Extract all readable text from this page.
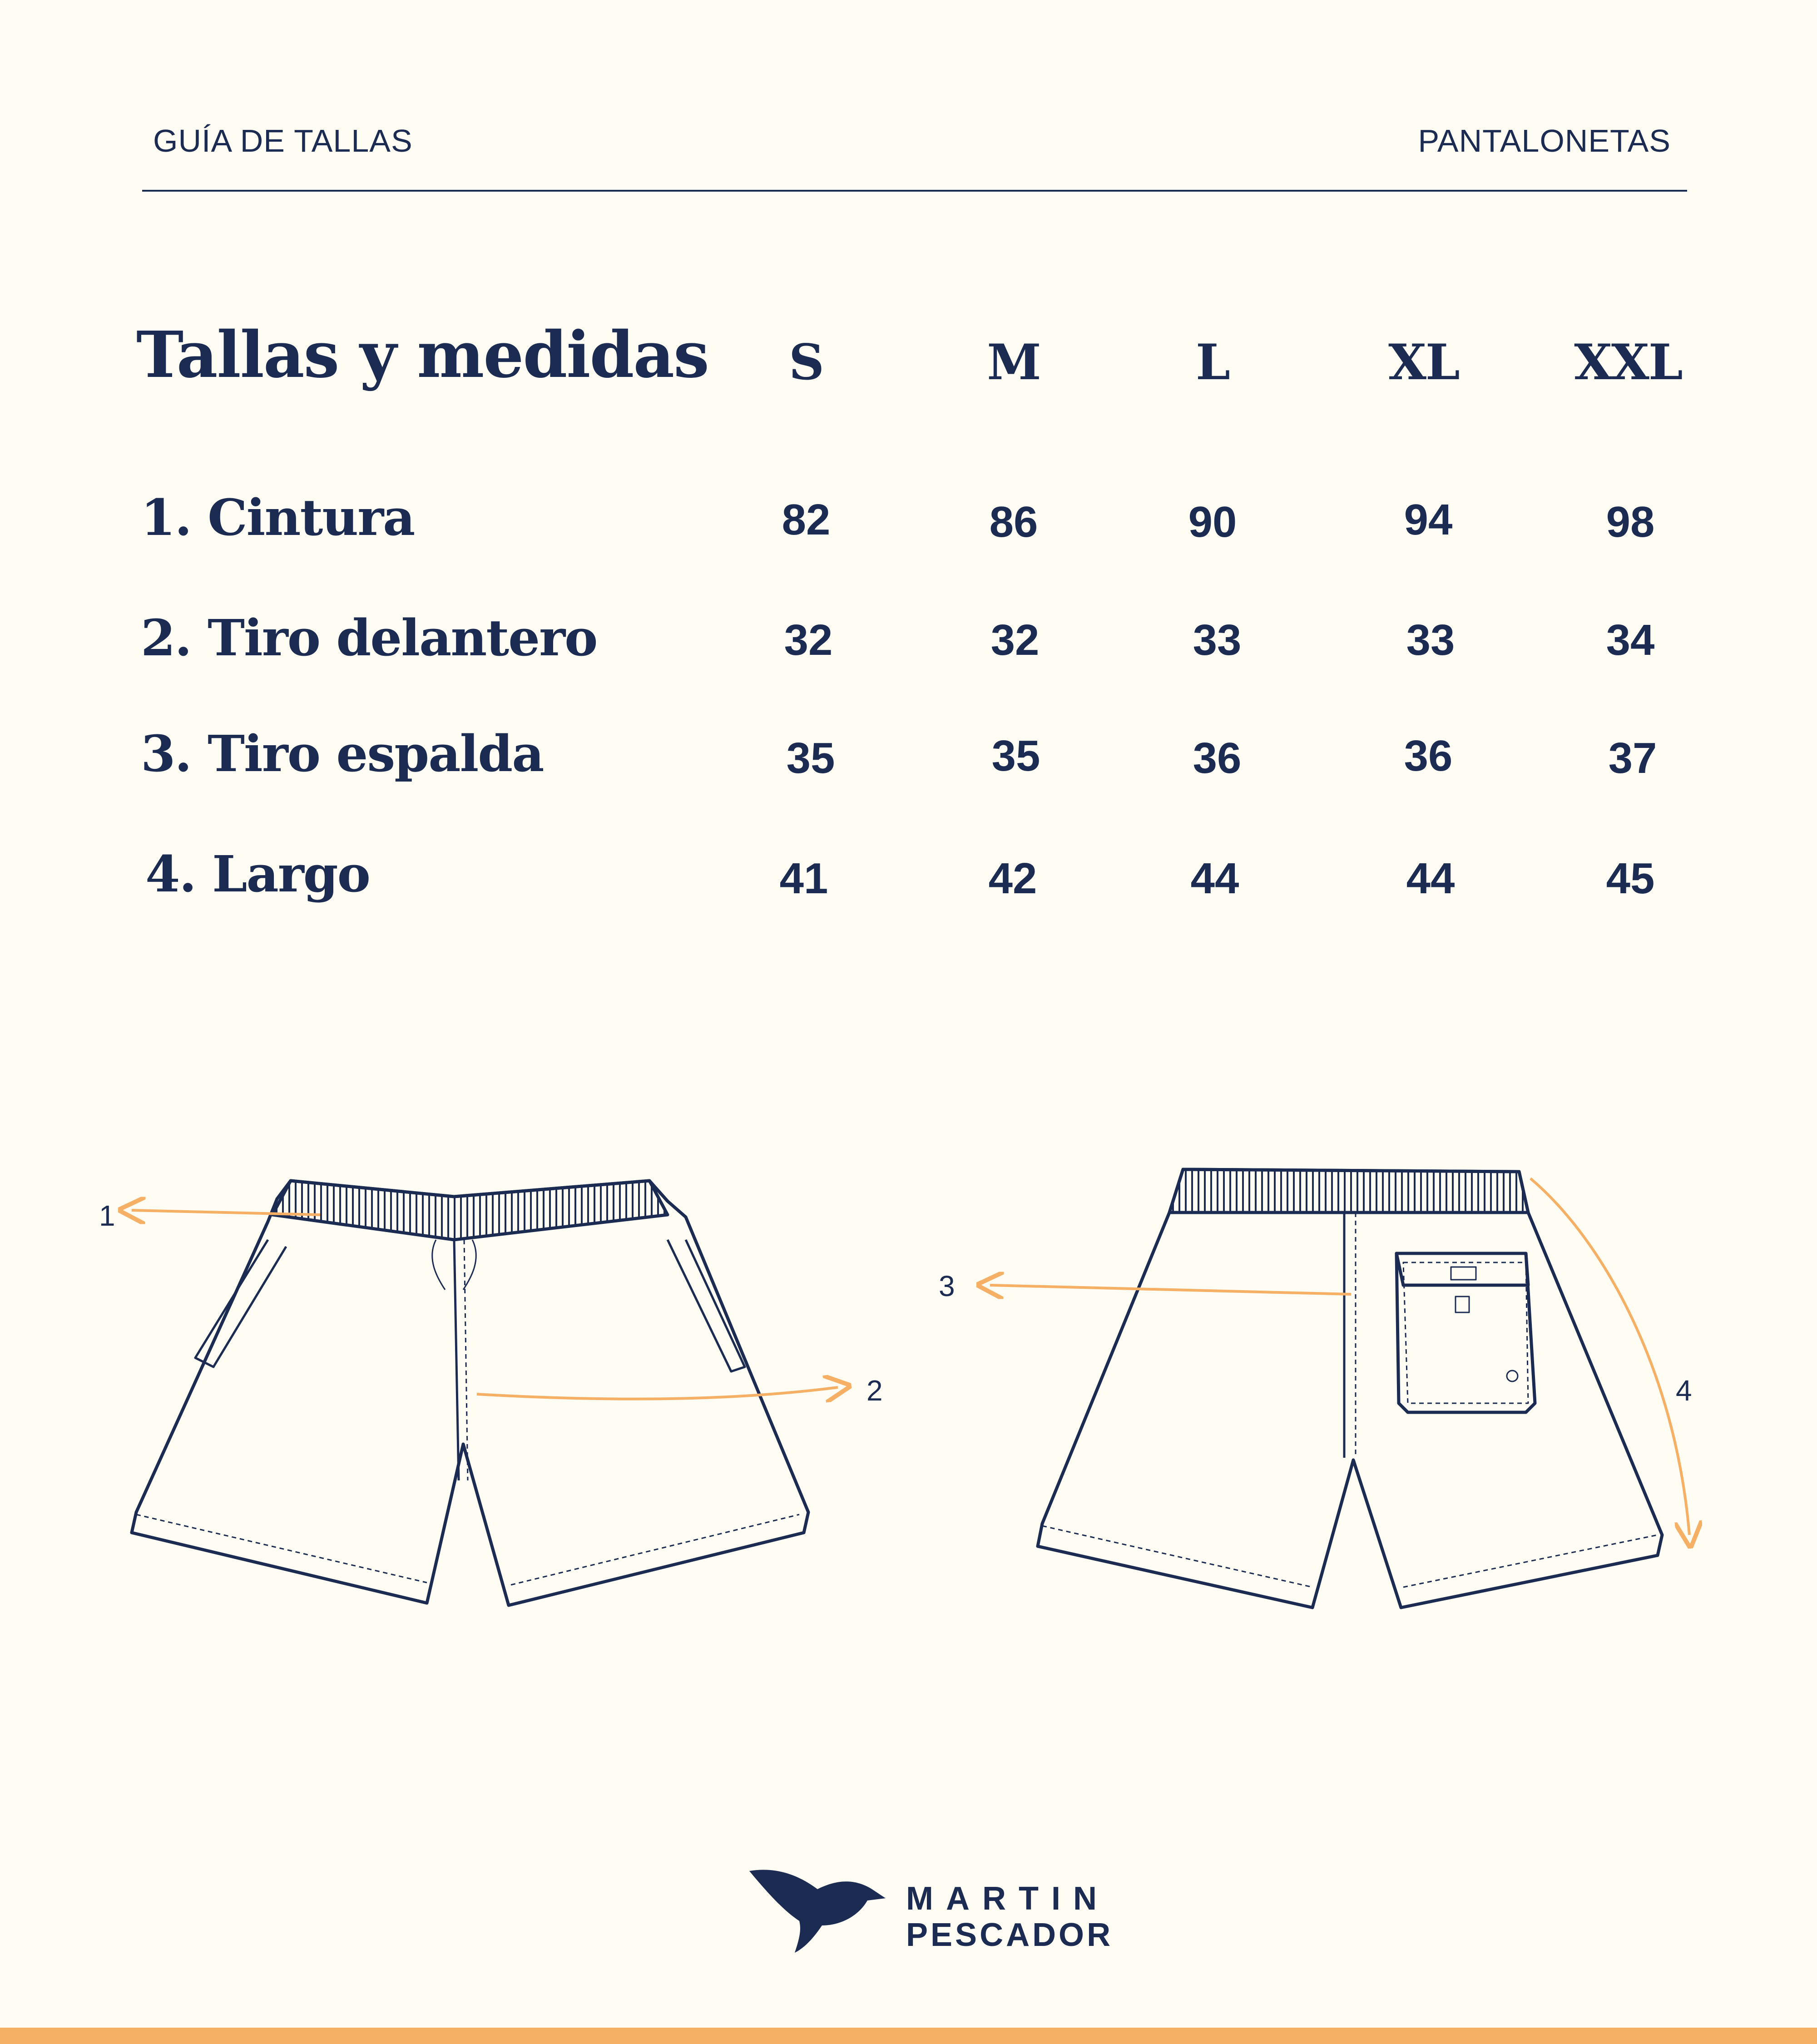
GUÍA DE TALLAS	PANTALONETAS
Tallas y medidas	S	M	L	XL	XXL
1. Cintura	82	86	90	94	98
2. Tiro delantero	32	32	33	33	34
3. Tiro espalda	35	35	36	36	37
4. Largo	41	42	44	44	45
1
2
3
4
MARTIN
PESCADOR
